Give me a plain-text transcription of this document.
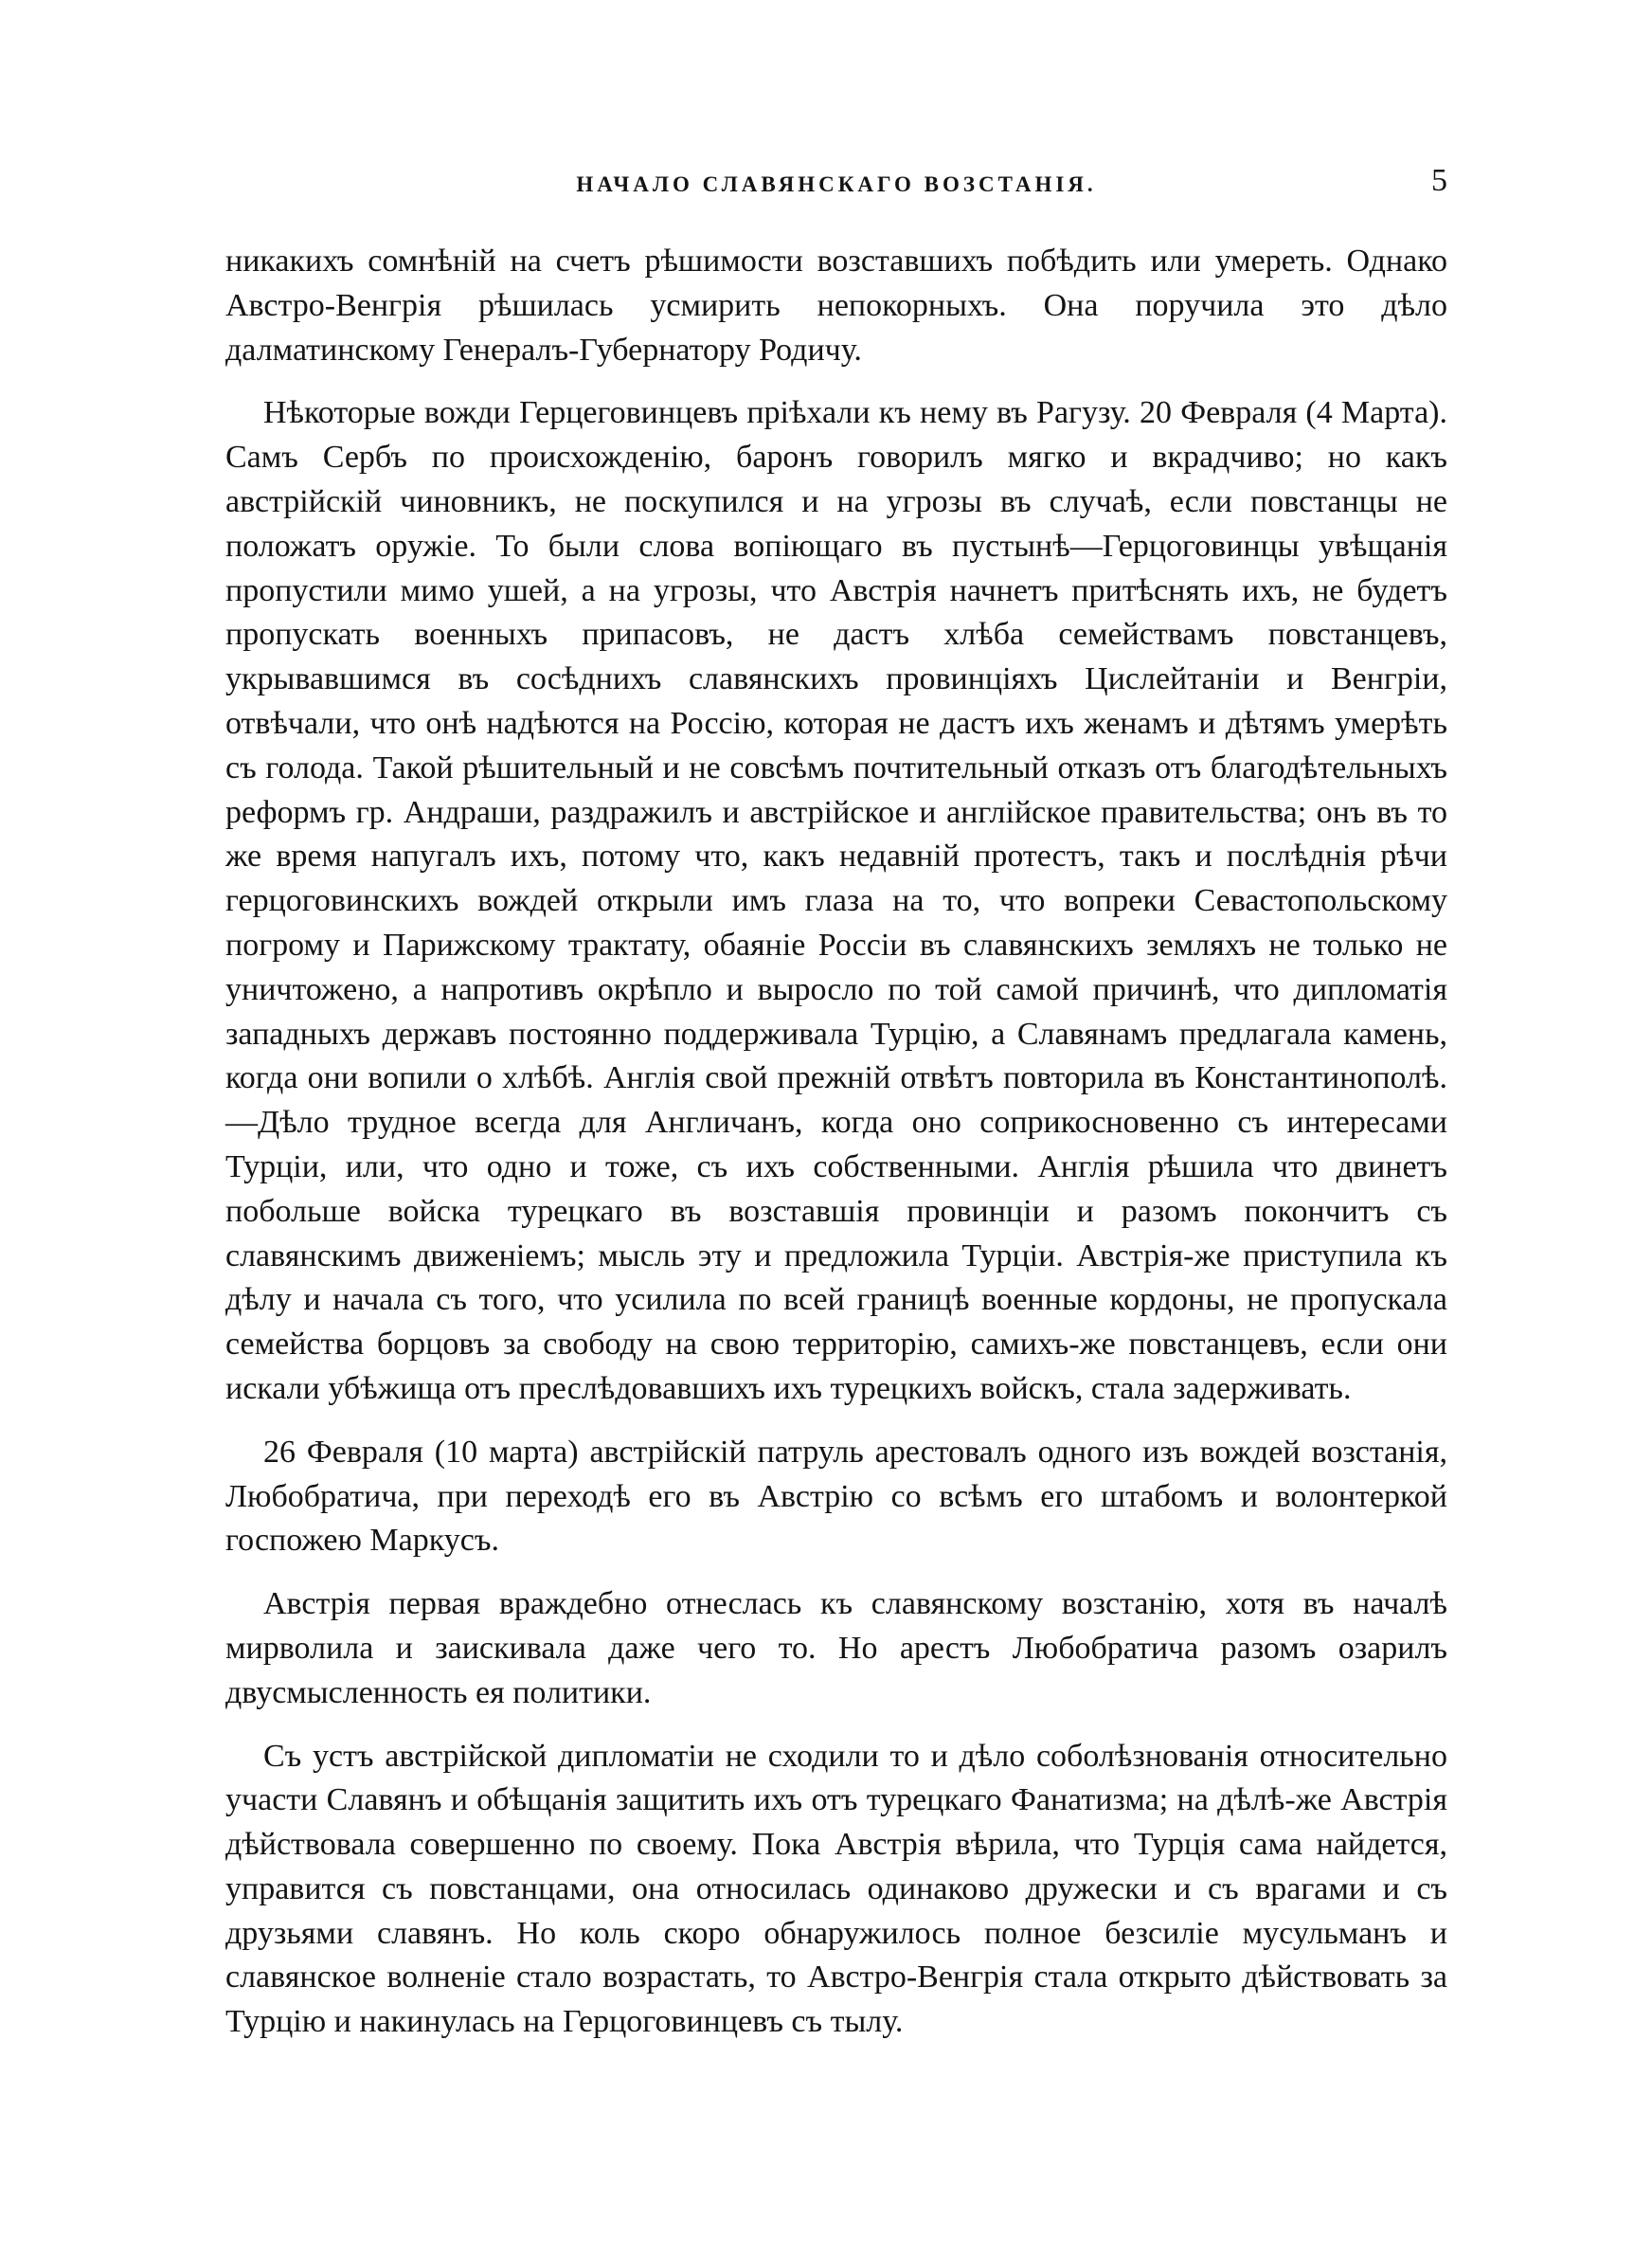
НАЧАЛО СЛАВЯНСКАГО ВОЗСТАНІЯ.	5

никакихъ сомнѣній на счетъ рѣшимости возставшихъ побѣдить или умереть. Однако Австро-Венгрія рѣшилась усмирить непокорныхъ. Она поручила это дѣло далматинскому Генералъ-Губернатору Родичу.

Нѣкоторые вожди Герцеговинцевъ пріѣхали къ нему въ Рагузу. 20 Февраля (4 Марта). Самъ Сербъ по происхожденію, баронъ говорилъ мягко и вкрадчиво; но какъ австрійскій чиновникъ, не поскупился и на угрозы въ случаѣ, если повстанцы не положатъ оружіе. То были слова вопіющаго въ пустынѣ—Герцоговинцы увѣщанія пропустили мимо ушей, а на угрозы, что Австрія начнетъ притѣснять ихъ, не будетъ пропускать военныхъ припасовъ, не дастъ хлѣба семействамъ повстанцевъ, укрывавшимся въ сосѣднихъ славянскихъ провинціяхъ Цислейтаніи и Венгріи, отвѣчали, что онѣ надѣются на Россію, которая не дастъ ихъ женамъ и дѣтямъ умерѣть съ голода. Такой рѣшительный и не совсѣмъ почтительный отказъ отъ благодѣтельныхъ реформъ гр. Андраши, раздражилъ и австрійское и англійское правительства; онъ въ то же время напугалъ ихъ, потому что, какъ недавній протестъ, такъ и послѣднія рѣчи герцоговинскихъ вождей открыли имъ глаза на то, что вопреки Севастопольскому погрому и Парижскому трактату, обаяніе Россіи въ славянскихъ земляхъ не только не уничтожено, а напротивъ окрѣпло и выросло по той самой причинѣ, что дипломатія западныхъ державъ постоянно поддерживала Турцію, а Славянамъ предлагала камень, когда они вопили о хлѣбѣ. Англія свой прежній отвѣтъ повторила въ Константинополѣ.—Дѣло трудное всегда для Англичанъ, когда оно соприкосновенно съ интересами Турціи, или, что одно и тоже, съ ихъ собственными. Англія рѣшила что двинетъ побольше войска турецкаго въ возставшія провинціи и разомъ покончитъ съ славянскимъ движеніемъ; мысль эту и предложила Турціи. Австрія-же приступила къ дѣлу и начала съ того, что усилила по всей границѣ военные кордоны, не пропускала семейства борцовъ за свободу на свою территорію, самихъ-же повстанцевъ, если они искали убѣжища отъ преслѣдовавшихъ ихъ турецкихъ войскъ, стала задерживать.

26 Февраля (10 марта) австрійскій патруль арестовалъ одного изъ вождей возстанія, Любобратича, при переходѣ его въ Австрію со всѣмъ его штабомъ и волонтеркой госпожею Маркусъ.

Австрія первая враждебно отнеслась къ славянскому возстанію, хотя въ началѣ мирволила и заискивала даже чего то. Но арестъ Любобратича разомъ озарилъ двусмысленность ея политики.

Съ устъ австрійской дипломатіи не сходили то и дѣло соболѣзнованія относительно участи Славянъ и обѣщанія защитить ихъ отъ турецкаго Фанатизма; на дѣлѣ-же Австрія дѣйствовала совершенно по своему. Пока Австрія вѣрила, что Турція сама найдется, управится съ повстанцами, она относилась одинаково дружески и съ врагами и съ друзьями славянъ. Но коль скоро обнаружилось полное безсиліе мусульманъ и славянское волненіе стало возрастать, то Австро-Венгрія стала открыто дѣйствовать за Турцію и накинулась на Герцоговинцевъ съ тылу.
